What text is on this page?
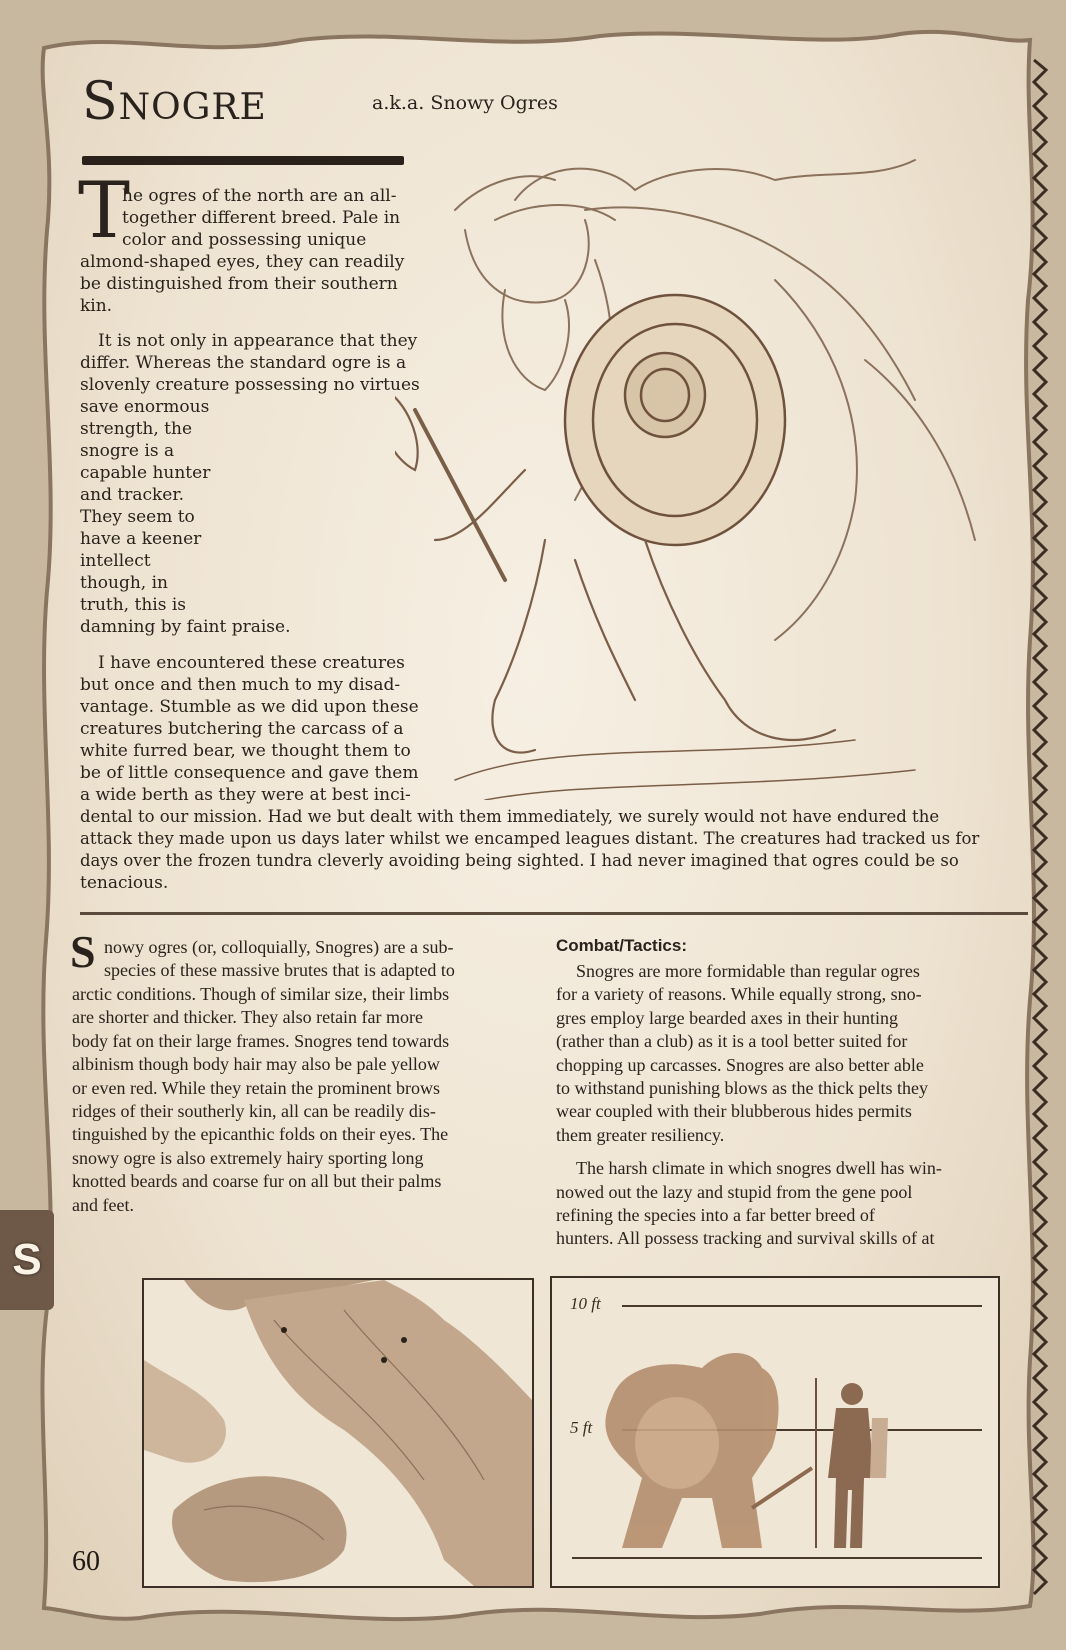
Snogre	a.k.a. Snowy Ogres
T

he ogres of the north are an all-

together different breed. Pale in

color and possessing unique

almond-shaped eyes, they can readily

be distinguished from their southern

kin.

It is not only in appearance that they

differ. Whereas the standard ogre is a

slovenly creature possessing no virtues

save enormous

strength, the

snogre is a

capable hunter

and tracker.

They seem to

have a keener

intellect

though, in

truth, this is

damning by faint praise.

I have encountered these creatures

but once and then much to my disad-

vantage. Stumble as we did upon these

creatures butchering the carcass of a

white furred bear, we thought them to

be of little consequence and gave them

a wide berth as they were at best inci-

dental to our mission. Had we but dealt with them immediately, we surely would not have endured the

attack they made upon us days later whilst we encamped leagues distant. The creatures had tracked us for

days over the frozen tundra cleverly avoiding being sighted. I had never imagined that ogres could be so

tenacious.

S nowy ogres (or, colloquially, Snogres) are a sub-
species of these massive brutes that is adapted to
arctic conditions. Though of similar size, their limbs
are shorter and thicker. They also retain far more
body fat on their large frames. Snogres tend towards
albinism though body hair may also be pale yellow
or even red. While they retain the prominent brows
ridges of their southerly kin, all can be readily dis-
tinguished by the epicanthic folds on their eyes. The
snowy ogre is also extremely hairy sporting long
knotted beards and coarse fur on all but their palms
and feet.
Combat/Tactics:
Snogres are more formidable than regular ogres
for a variety of reasons. While equally strong, sno-
gres employ large bearded axes in their hunting
(rather than a club) as it is a tool better suited for
chopping up carcasses. Snogres are also better able
to withstand punishing blows as the thick pelts they
wear coupled with their blubberous hides permits
them greater resiliency.
The harsh climate in which snogres dwell has win-
nowed out the lazy and stupid from the gene pool
refining the species into a far better breed of
hunters. All possess tracking and survival skills of at
S
10 ft
5 ft
60
